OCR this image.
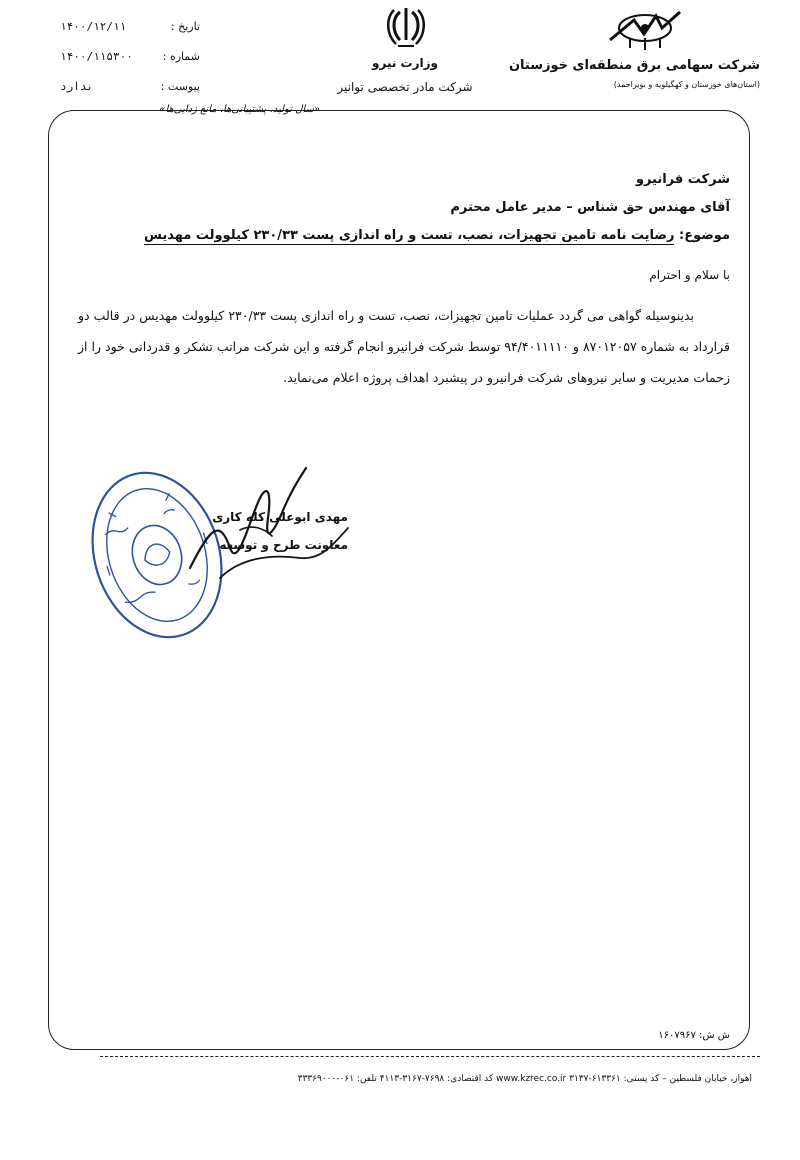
شرکت سهامی برق منطقه‌ای خوزستان
(استان‌های خوزستان و کهگیلویه و بویراحمد)
وزارت نیرو
شرکت مادر تخصصی توانیر
تاریخ :
۱۴۰۰/۱۲/۱۱
شماره :
۱۴۰۰/۱۱۵۳۰۰
پیوست :
ندارد
«سال تولید، پشتیبانی‌ها، مانع زدایی‌ها»
شرکت فرانیرو
آقای مهندس حق شناس – مدیر عامل محترم
موضوع: رضایت نامه تامین تجهیزات، نصب، تست و راه اندازی پست ۲۳۰/۳۳ کیلوولت مهدیس
با سلام و احترام
بدینوسیله گواهی می گردد عملیات تامین تجهیزات، نصب، تست و راه اندازی پست ۲۳۰/۳۳ کیلوولت مهدیس در قالب دو قرارداد به شماره ۸۷۰۱۲۰۵۷ و ۹۴/۴۰۱۱۱۱۰ توسط شرکت فرانیرو انجام گرفته و این شرکت مراتب تشکر و قدردانی خود را از زحمات مدیریت و سایر نیروهای شرکت فرانیرو در پیشبرد اهداف پروژه اعلام می‌نماید.
مهدی ابوعلی کله کاری
معاونت طرح و توسعه
ش ش: ۱۶۰۷۹۶۷
اهواز، خیابان فلسطین – کد پستی: ۶۱۳۳۶۱-۳۱۳۷ www.kzrec.co.ir کد اقتصادی: ۷۶۹۸-۳۱۶۷-۴۱۱۳ تلفن: ۰۶۱-۳۳۳۶۹۰۰۰
